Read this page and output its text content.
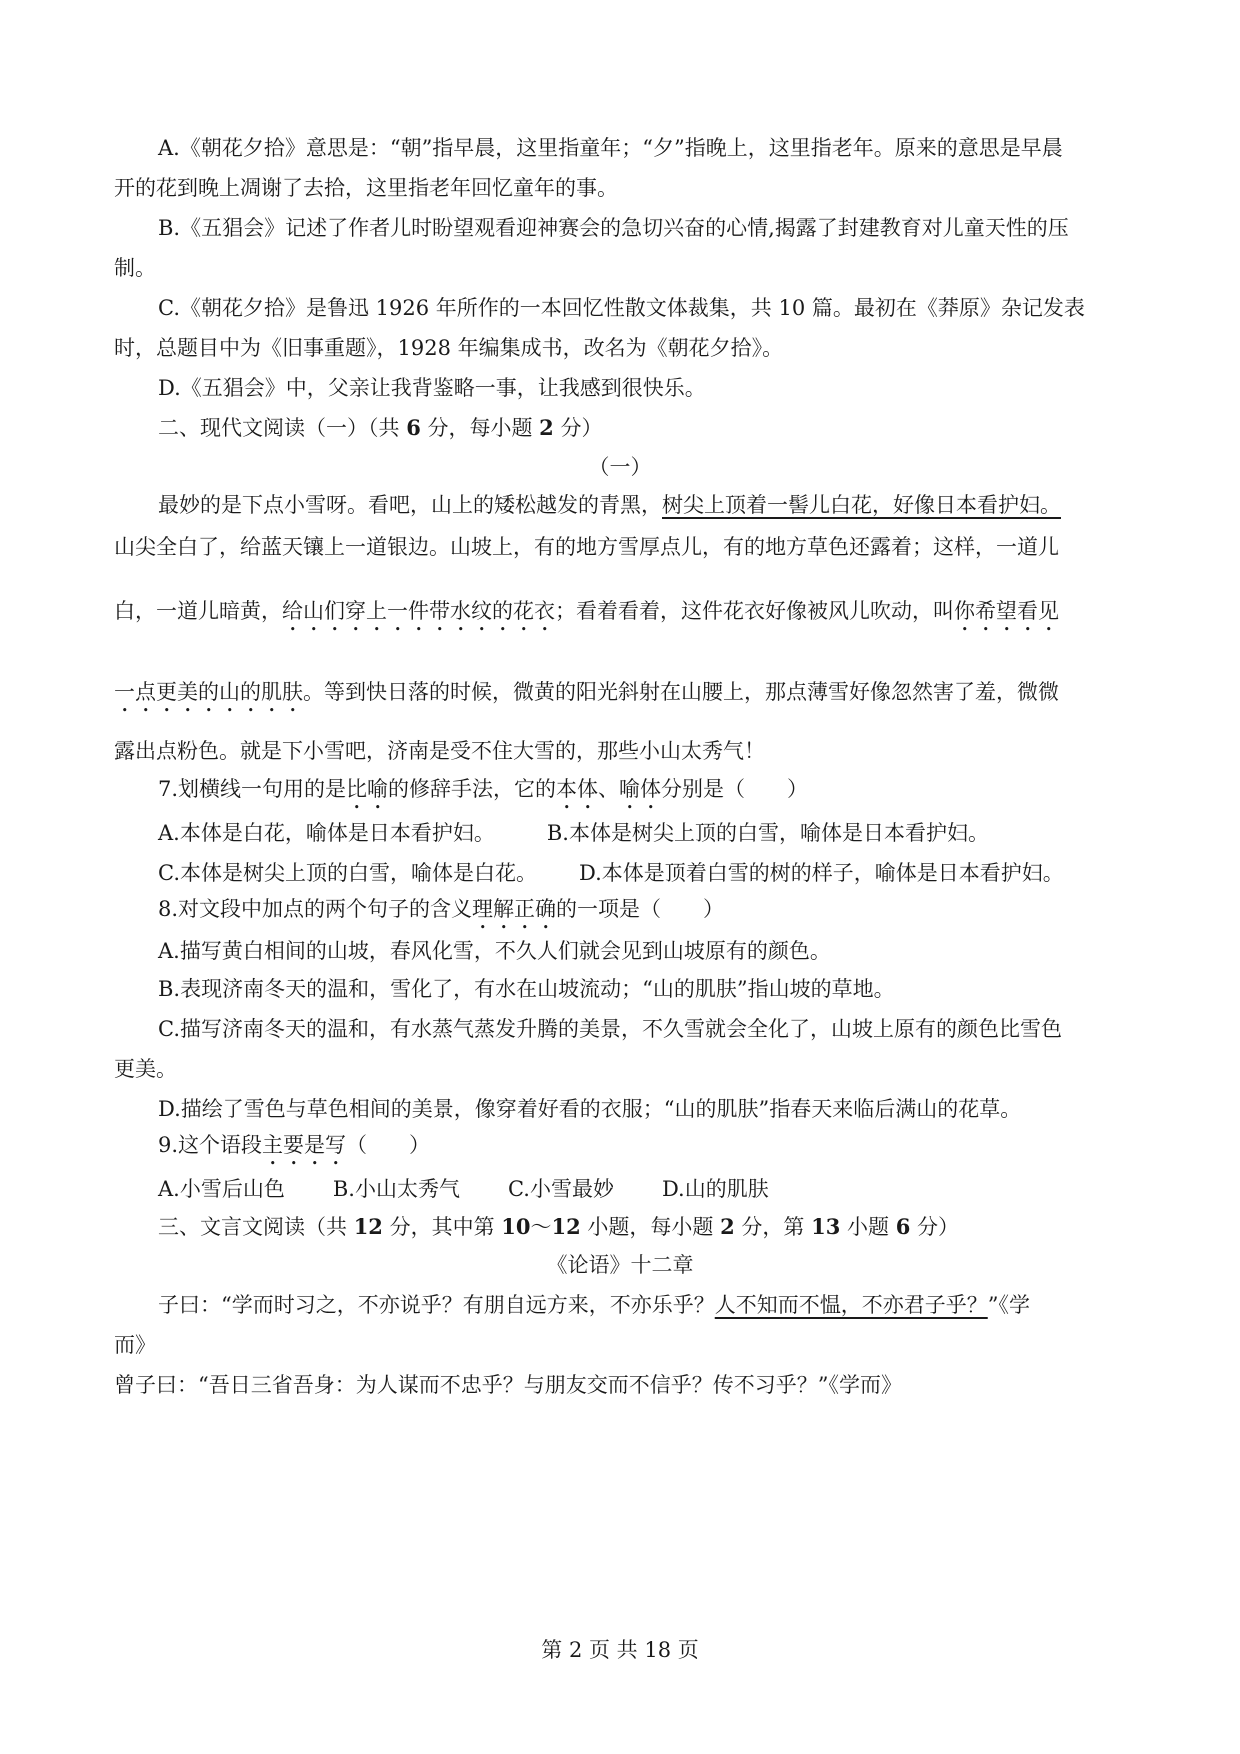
A.《朝花夕拾》意思是：“朝”指早晨，这里指童年；“夕”指晚上，这里指老年。原来的意思是早晨
开的花到晚上凋谢了去拾，这里指老年回忆童年的事。
B.《五猖会》记述了作者儿时盼望观看迎神赛会的急切兴奋的心情,揭露了封建教育对儿童天性的压
制。
C.《朝花夕拾》是鲁迅 1926 年所作的一本回忆性散文体裁集，共 10 篇。最初在《莽原》杂记发表
时，总题目中为《旧事重题》，1928 年编集成书，改名为《朝花夕拾》。
D.《五猖会》中，父亲让我背鉴略一事，让我感到很快乐。
二、现代文阅读（一）（共 6 分，每小题 2 分）
（一）
最妙的是下点小雪呀。看吧，山上的矮松越发的青黑，树尖上顶着一髻儿白花，好像日本看护妇。
山尖全白了，给蓝天镶上一道银边。山坡上，有的地方雪厚点儿，有的地方草色还露着；这样，一道儿
白，一道儿暗黄，给山们穿上一件带水纹的花衣；看着看着，这件花衣好像被风儿吹动，叫你希望看见
一点更美的山的肌肤。等到快日落的时候，微黄的阳光斜射在山腰上，那点薄雪好像忽然害了羞，微微
露出点粉色。就是下小雪吧，济南是受不住大雪的，那些小山太秀气！
7.划横线一句用的是比喻的修辞手法，它的本体、喻体分别是（　　）
A.本体是白花，喻体是日本看护妇。 B.本体是树尖上顶的白雪，喻体是日本看护妇。
C.本体是树尖上顶的白雪，喻体是白花。 D.本体是顶着白雪的树的样子，喻体是日本看护妇。
8.对文段中加点的两个句子的含义理解正确的一项是（　　）
A.描写黄白相间的山坡，春风化雪，不久人们就会见到山坡原有的颜色。
B.表现济南冬天的温和，雪化了，有水在山坡流动；“山的肌肤”指山坡的草地。
C.描写济南冬天的温和，有水蒸气蒸发升腾的美景，不久雪就会全化了，山坡上原有的颜色比雪色
更美。
D.描绘了雪色与草色相间的美景，像穿着好看的衣服；“山的肌肤”指春天来临后满山的花草。
9.这个语段主要是写（　　）
A.小雪后山色 B.小山太秀气 C.小雪最妙 D.山的肌肤
三、文言文阅读（共 12 分，其中第 10～12 小题，每小题 2 分，第 13 小题 6 分）
《论语》十二章
子曰：“学而时习之，不亦说乎？有朋自远方来，不亦乐乎？人不知而不愠，不亦君子乎？”《学
而》
曾子曰：“吾日三省吾身：为人谋而不忠乎？与朋友交而不信乎？传不习乎？”《学而》
第 2 页 共 18 页
